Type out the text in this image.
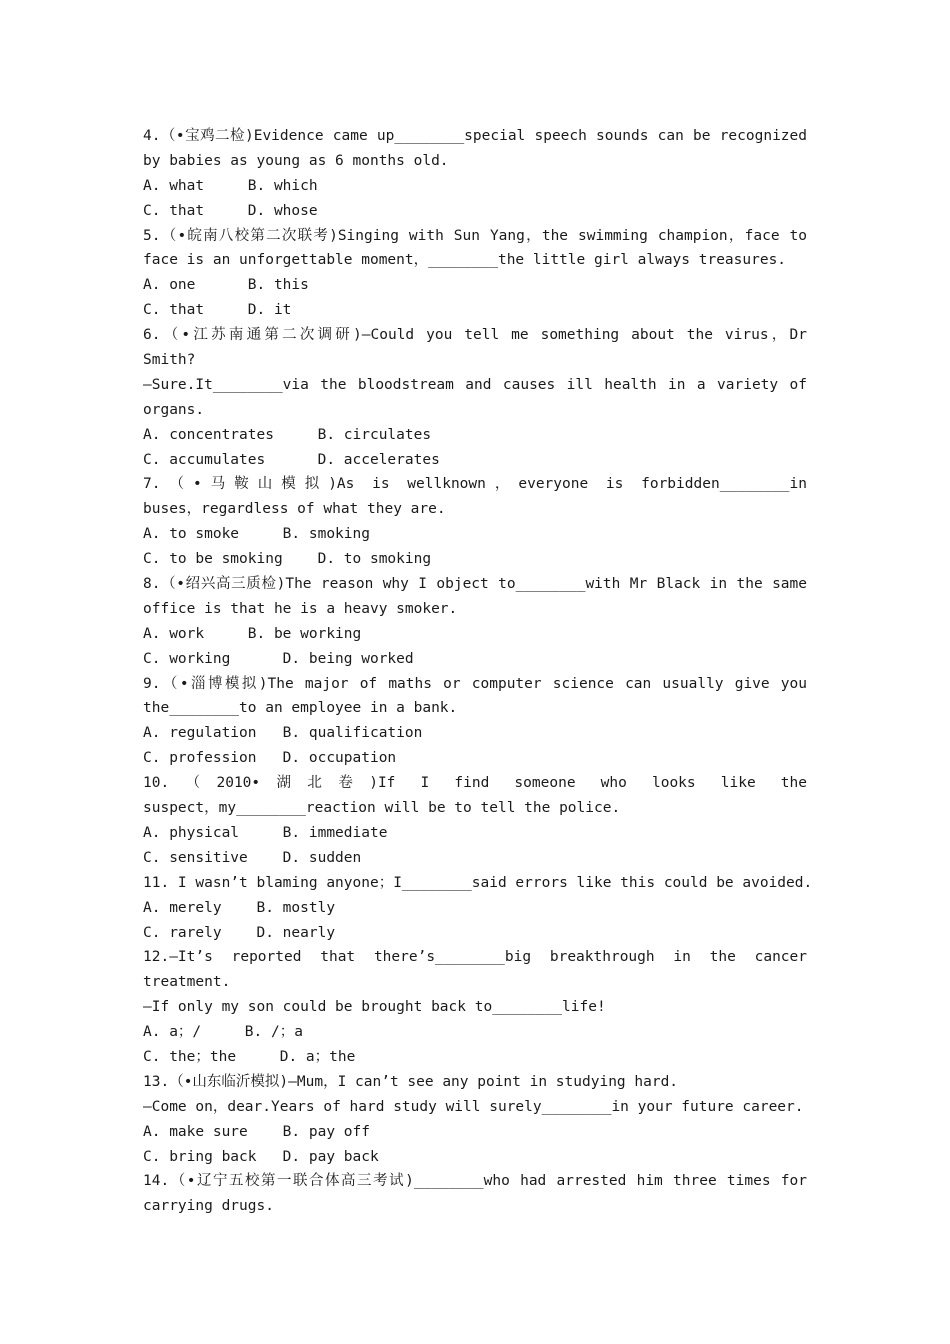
4.（•宝鸡二检)Evidence came up________special speech sounds can be recognized
by babies as young as 6 months old.
A. what     B. which
C. that     D. whose
5.（•皖南八校第二次联考)Singing with Sun Yang，the swimming champion，face to
face is an unforgettable moment，________the little girl always treasures.
A. one      B. this
C. that     D. it
6.（•江苏南通第二次调研)—Could you tell me something about the virus，Dr
Smith?
—Sure.It________via the bloodstream and causes ill health in a variety of
organs.
A. concentrates     B. circulates
C. accumulates      D. accelerates
7.（•马鞍山模拟)As is wellknown，everyone is forbidden________in
buses，regardless of what they are.
A. to smoke     B. smoking
C. to be smoking    D. to smoking
8.（•绍兴高三质检)The reason why I object to________with Mr Black in the same
office is that he is a heavy smoker.
A. work     B. be working
C. working      D. being worked
9.（•淄博模拟)The major of maths or computer science can usually give you
the________to an employee in a bank.
A. regulation   B. qualification
C. profession   D. occupation
10.（2010•湖北卷)If I find someone who looks like the
suspect，my________reaction will be to tell the police.
A. physical     B. immediate
C. sensitive    D. sudden
11. I wasn’t blaming anyone；I________said errors like this could be avoided.
A. merely    B. mostly
C. rarely    D. nearly
12.—It’s reported that there’s________big breakthrough in the cancer
treatment.
—If only my son could be brought back to________life!
A. a；/     B. /；a
C. the；the     D. a；the
13.（•山东临沂模拟)—Mum，I can’t see any point in studying hard.
—Come on，dear.Years of hard study will surely________in your future career.
A. make sure    B. pay off
C. bring back   D. pay back
14.（•辽宁五校第一联合体高三考试)________who had arrested him three times for
carrying drugs.
